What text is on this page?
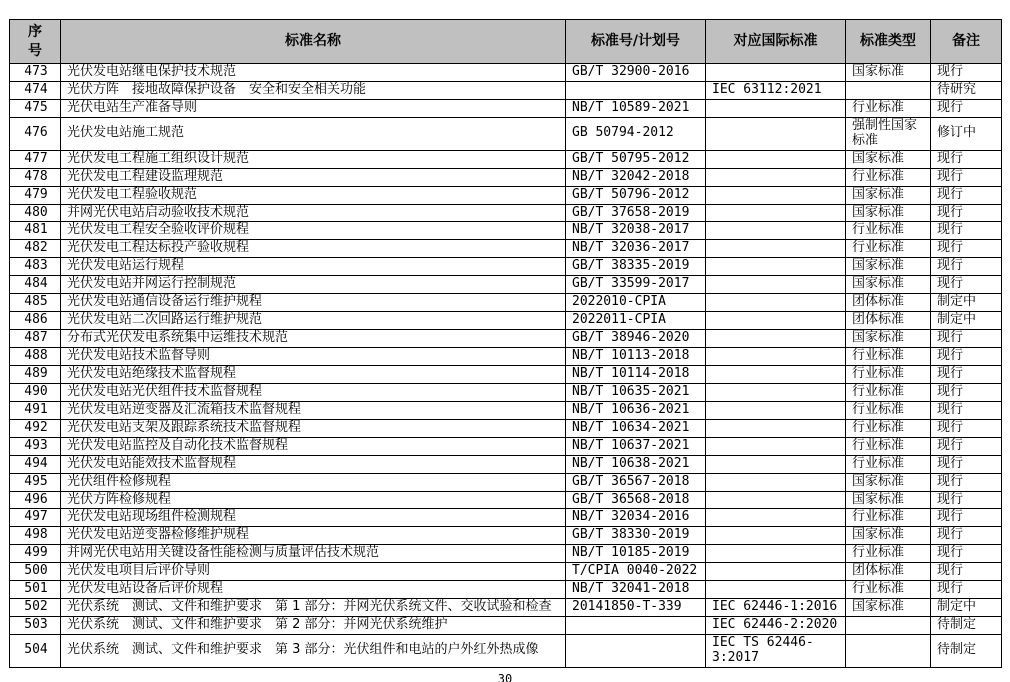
序号	标准名称	标准号/计划号	对应国际标准	标准类型	备注
473	光伏发电站继电保护技术规范	GB/T 32900-2016		国家标准	现行
474	光伏方阵　接地故障保护设备　安全和安全相关功能		IEC 63112:2021		待研究
475	光伏电站生产准备导则	NB/T 10589-2021		行业标准	现行
476	光伏发电站施工规范	GB 50794-2012		强制性国家标准	修订中
477	光伏发电工程施工组织设计规范	GB/T 50795-2012		国家标准	现行
478	光伏发电工程建设监理规范	NB/T 32042-2018		行业标准	现行
479	光伏发电工程验收规范	GB/T 50796-2012		国家标准	现行
480	并网光伏电站启动验收技术规范	GB/T 37658-2019		国家标准	现行
481	光伏发电工程安全验收评价规程	NB/T 32038-2017		行业标准	现行
482	光伏发电工程达标投产验收规程	NB/T 32036-2017		行业标准	现行
483	光伏发电站运行规程	GB/T 38335-2019		国家标准	现行
484	光伏发电站并网运行控制规范	GB/T 33599-2017		国家标准	现行
485	光伏发电站通信设备运行维护规程	2022010-CPIA		团体标准	制定中
486	光伏发电站二次回路运行维护规范	2022011-CPIA		团体标准	制定中
487	分布式光伏发电系统集中运维技术规范	GB/T 38946-2020		国家标准	现行
488	光伏发电站技术监督导则	NB/T 10113-2018		行业标准	现行
489	光伏发电站绝缘技术监督规程	NB/T 10114-2018		行业标准	现行
490	光伏发电站光伏组件技术监督规程	NB/T 10635-2021		行业标准	现行
491	光伏发电站逆变器及汇流箱技术监督规程	NB/T 10636-2021		行业标准	现行
492	光伏发电站支架及跟踪系统技术监督规程	NB/T 10634-2021		行业标准	现行
493	光伏发电站监控及自动化技术监督规程	NB/T 10637-2021		行业标准	现行
494	光伏发电站能效技术监督规程	NB/T 10638-2021		行业标准	现行
495	光伏组件检修规程	GB/T 36567-2018		国家标准	现行
496	光伏方阵检修规程	GB/T 36568-2018		国家标准	现行
497	光伏发电站现场组件检测规程	NB/T 32034-2016		行业标准	现行
498	光伏发电站逆变器检修维护规程	GB/T 38330-2019		国家标准	现行
499	并网光伏电站用关键设备性能检测与质量评估技术规范	NB/T 10185-2019		行业标准	现行
500	光伏发电项目后评价导则	T/CPIA 0040-2022		团体标准	现行
501	光伏发电站设备后评价规程	NB/T 32041-2018		行业标准	现行
502	光伏系统　测试、文件和维护要求　第 1 部分：并网光伏系统文件、交收试验和检查	20141850-T-339	IEC 62446-1:2016	国家标准	制定中
503	光伏系统　测试、文件和维护要求　第 2 部分：并网光伏系统维护		IEC 62446-2:2020		待制定
504	光伏系统　测试、文件和维护要求　第 3 部分：光伏组件和电站的户外红外热成像		IEC TS 62446-3:2017		待制定
30
